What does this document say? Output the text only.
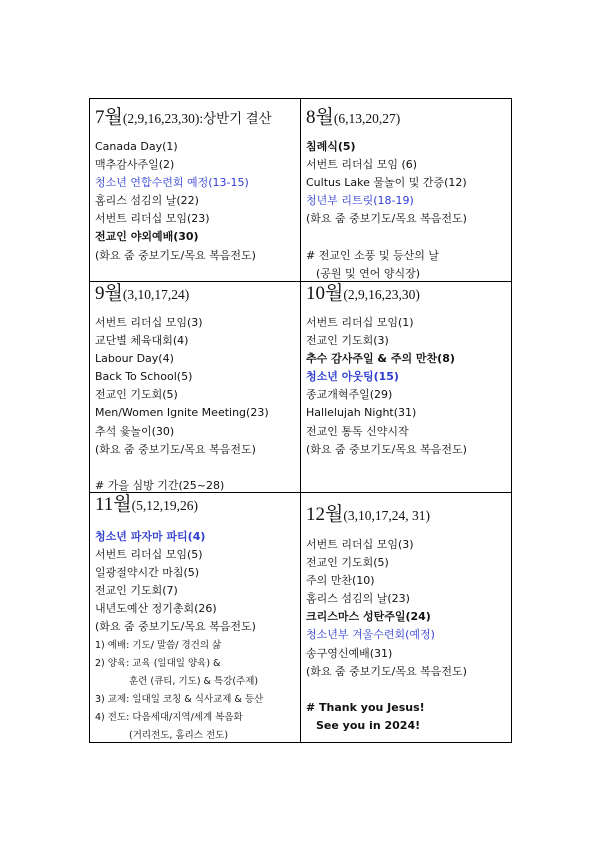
7월(2,9,16,23,30):상반기 결산
Canada Day(1)
맥추감사주일(2)
청소년 연합수련회 예정(13-15)
홈리스 섬김의 날(22)
서번트 리더십 모임(23)
전교인 야외예배(30)
(화요 줌 중보기도/목요 복음전도)
8월(6,13,20,27)
침례식(5)
서번트 리더십 모임 (6)
Cultus Lake 물놀이 및 간증(12)
청년부 리트릿(18-19)
(화요 줌 중보기도/목요 복음전도)
# 전교인 소풍 및 등산의 날
(공원 및 연어 양식장)
9월(3,10,17,24)
서번트 리더십 모임(3)
교단별 체육대회(4)
Labour Day(4)
Back To School(5)
전교인 기도회(5)
Men/Women Ignite Meeting(23)
추석 윷놀이(30)
(화요 줌 중보기도/목요 복음전도)
# 가을 심방 기간(25~28)
10월(2,9,16,23,30)
서번트 리더십 모임(1)
전교인 기도회(3)
추수 감사주일 & 주의 만찬(8)
청소년 아웃팅(15)
종교개혁주일(29)
Hallelujah Night(31)
전교인 통독 신약시작
(화요 줌 중보기도/목요 복음전도)
11월(5,12,19,26)
청소년 파자마 파티(4)
서번트 리더십 모임(5)
일광절약시간 마침(5)
전교인 기도회(7)
내년도예산 정기총회(26)
(화요 줌 중보기도/목요 복음전도)
1) 예배: 기도/ 말씀/ 경건의 삶
2) 양육: 교육 (일대일 양육) &
훈련 (큐티, 기도) & 특강(주제)
3) 교제: 일대일 코칭 & 식사교제 & 등산
4) 전도: 다음세대/지역/세계 복음화
(거리전도, 홈리스 전도)
12월(3,10,17,24, 31)
서번트 리더십 모임(3)
전교인 기도회(5)
주의 만찬(10)
홈리스 섬김의 날(23)
크리스마스 성탄주일(24)
청소년부 겨울수련회(예정)
송구영신예배(31)
(화요 줌 중보기도/목요 복음전도)
# Thank you Jesus!
See you in 2024!
